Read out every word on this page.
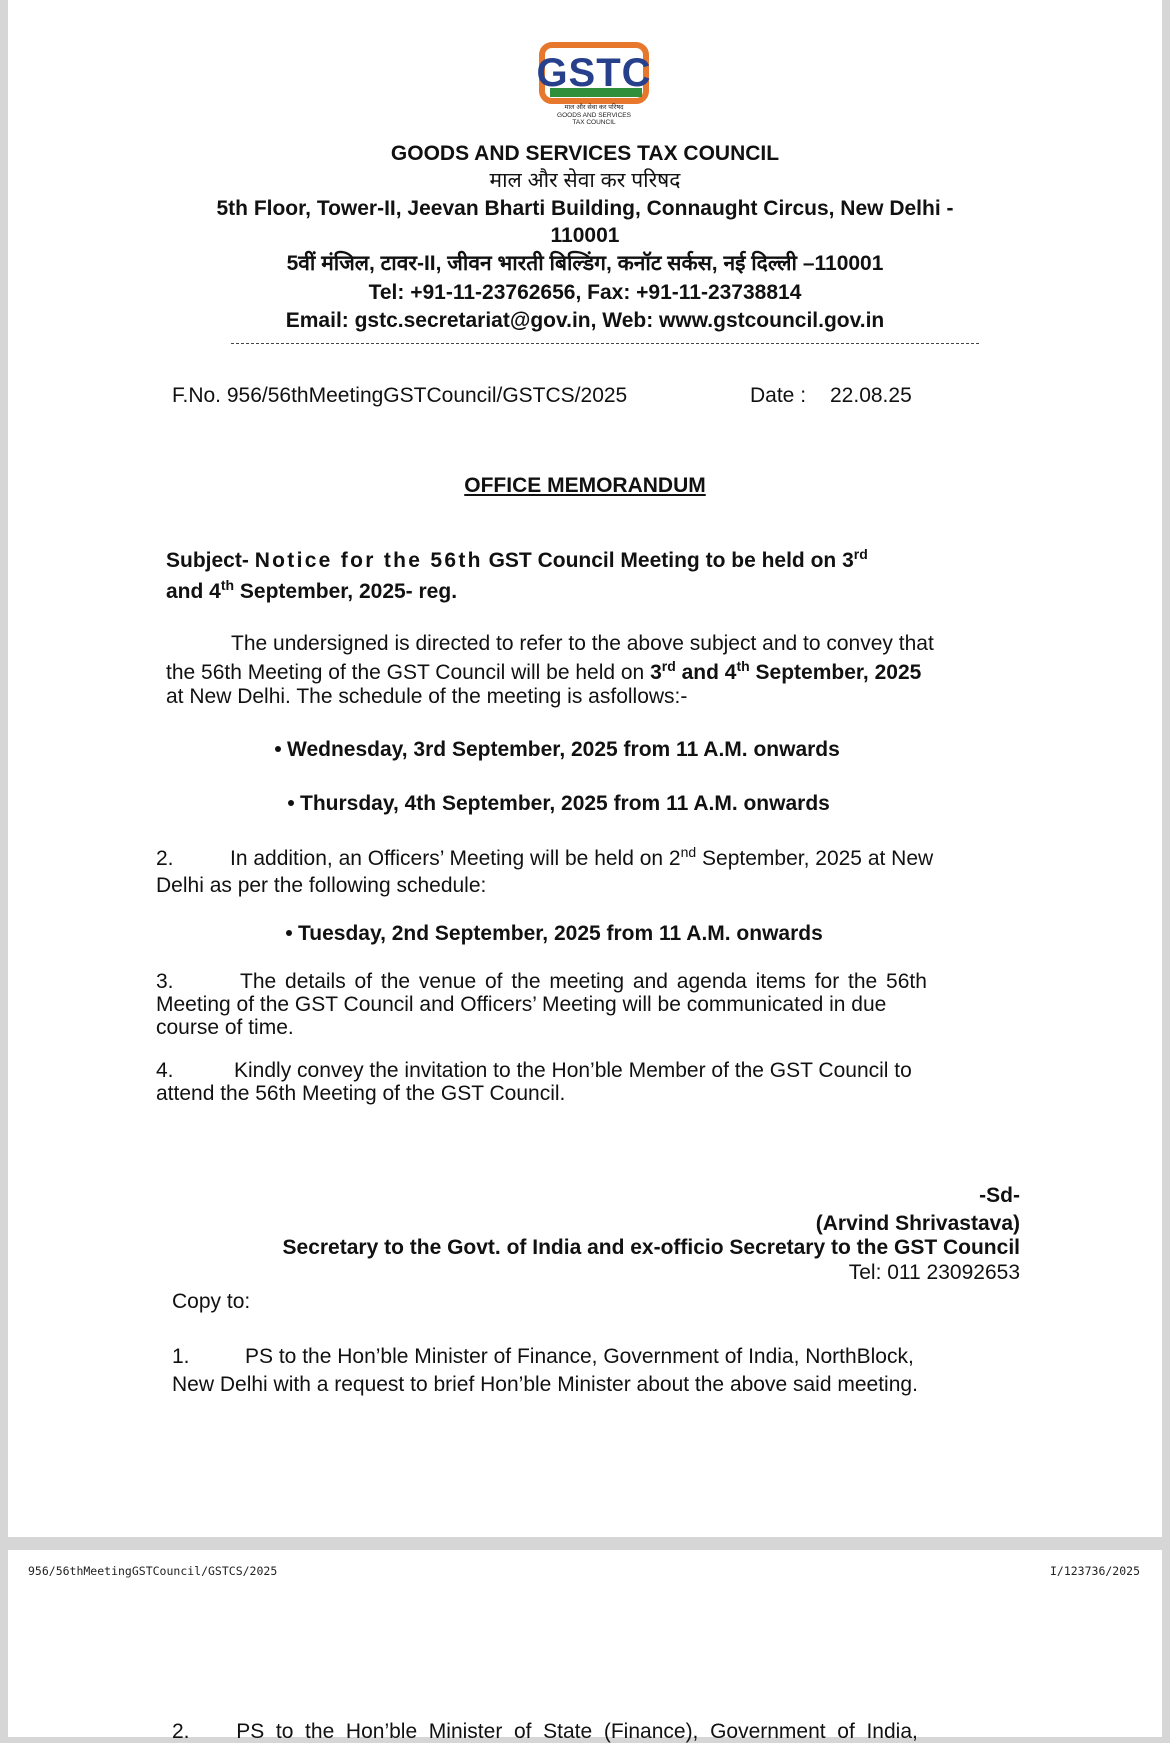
GSTC
माल और सेवा कर परिषद
GOODS AND SERVICES
TAX COUNCIL
GOODS AND SERVICES TAX COUNCIL
माल और सेवा कर परिषद
5th Floor, Tower-II, Jeevan Bharti Building, Connaught Circus, New Delhi -
110001
5वीं मंजिल, टावर-II, जीवन भारती बिल्डिंग, कनॉट सर्कस, नई दिल्ली –110001
Tel: +91-11-23762656, Fax: +91-11-23738814
Email: gstc.secretariat@gov.in, Web: www.gstcouncil.gov.in
F.No. 956/56thMeetingGSTCouncil/GSTCS/2025	Date : 22.08.25
OFFICE MEMORANDUM
Subject- Notice for the 56th GST Council Meeting to be held on 3rd
and 4th September, 2025- reg.
The undersigned is directed to refer to the above subject and to convey that
the 56th Meeting of the GST Council will be held on 3rd and 4th September, 2025
at New Delhi. The schedule of the meeting is asfollows:-
Wednesday, 3rd September, 2025 from 11 A.M. onwards
Thursday, 4th September, 2025 from 11 A.M. onwards
2.	In addition, an Officers’ Meeting will be held on 2nd September, 2025 at New
Delhi as per the following schedule:
Tuesday, 2nd September, 2025 from 11 A.M. onwards
3.	The details of the venue of the meeting and agenda items for the 56th
Meeting of the GST Council and Officers’ Meeting will be communicated in due
course of time.
4.	Kindly convey the invitation to the Hon’ble Member of the GST Council to
attend the 56th Meeting of the GST Council.
-Sd-
(Arvind Shrivastava)
Secretary to the Govt. of India and ex-officio Secretary to the GST Council
Tel: 011 23092653
Copy to:
1.	PS to the Hon’ble Minister of Finance, Government of India, NorthBlock,
New Delhi with a request to brief Hon’ble Minister about the above said meeting.
956/56thMeetingGSTCouncil/GSTCS/2025	I/123736/2025
2.        PS  to  the  Hon’ble  Minister  of  State  (Finance),  Government  of  India,
